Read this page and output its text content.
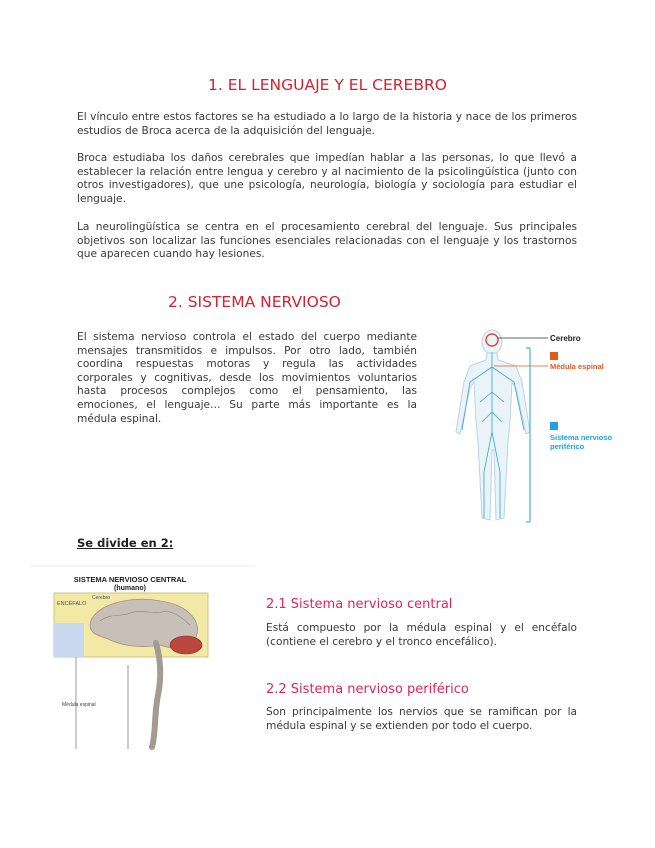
1. EL LENGUAJE Y EL CEREBRO

El vínculo entre estos factores se ha estudiado a lo largo de la historia y nace de los primeros estudios de Broca acerca de la adquisición del lenguaje.

Broca estudiaba los daños cerebrales que impedían hablar a las personas, lo que llevó a establecer la relación entre lengua y cerebro y al nacimiento de la psicolingüística (junto con otros investigadores), que une psicología, neurología, biología y sociología para estudiar el lenguaje.

La neurolingüística se centra en el procesamiento cerebral del lenguaje. Sus principales objetivos son localizar las funciones esenciales relacionadas con el lenguaje y los trastornos que aparecen cuando hay lesiones.

2. SISTEMA NERVIOSO

El sistema nervioso controla el estado del cuerpo mediante mensajes transmitidos e impulsos. Por otro lado, también coordina respuestas motoras y regula las actividades corporales y cognitivas, desde los movimientos voluntarios hasta procesos complejos como el pensamiento, las emociones, el lenguaje… Su parte más importante es la médula espinal.

Cerebro
Médula espinal
Sistema nervioso
periférico
Se divide en 2:
SISTEMA NERVIOSO CENTRAL
(humano)
ENCÉFALO
Cerebro
Médula espinal
2.1 Sistema nervioso central

Está compuesto por la médula espinal y el encéfalo (contiene el cerebro y el tronco encefálico).

2.2 Sistema nervioso periférico

Son principalmente los nervios que se ramifican por la médula espinal y se extienden por todo el cuerpo.
